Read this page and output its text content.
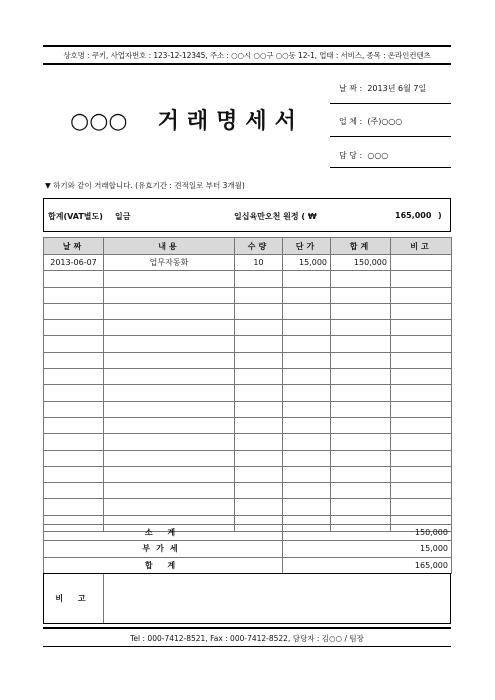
상호명 : 쿠키, 사업자번호 : 123-12-12345, 주소 : ○○시 ○○구 ○○동 12-1, 업태 : 서비스, 종목 : 온라인컨텐츠
○○○ 거래명세서
날 짜 : 2013년 6월 7일
업 체 : (주)○○○
담 당 : ○○○
▼ 하기와 같이 거래합니다. (유효기간 : 견적일로 부터 3개월)
합계(VAT별도) 일금	일십육만오천 원정 ( ₩	165,000 )
날짜	내용	수량	단가	합계	비고
2013-06-07	업무자동화	10	15,000	150,000	

소 계	150,000
부가세	15,000
합 계	165,000
비 고
Tel : 000-7412-8521, Fax : 000-7412-8522, 담당자 : 김○○ / 팀장
